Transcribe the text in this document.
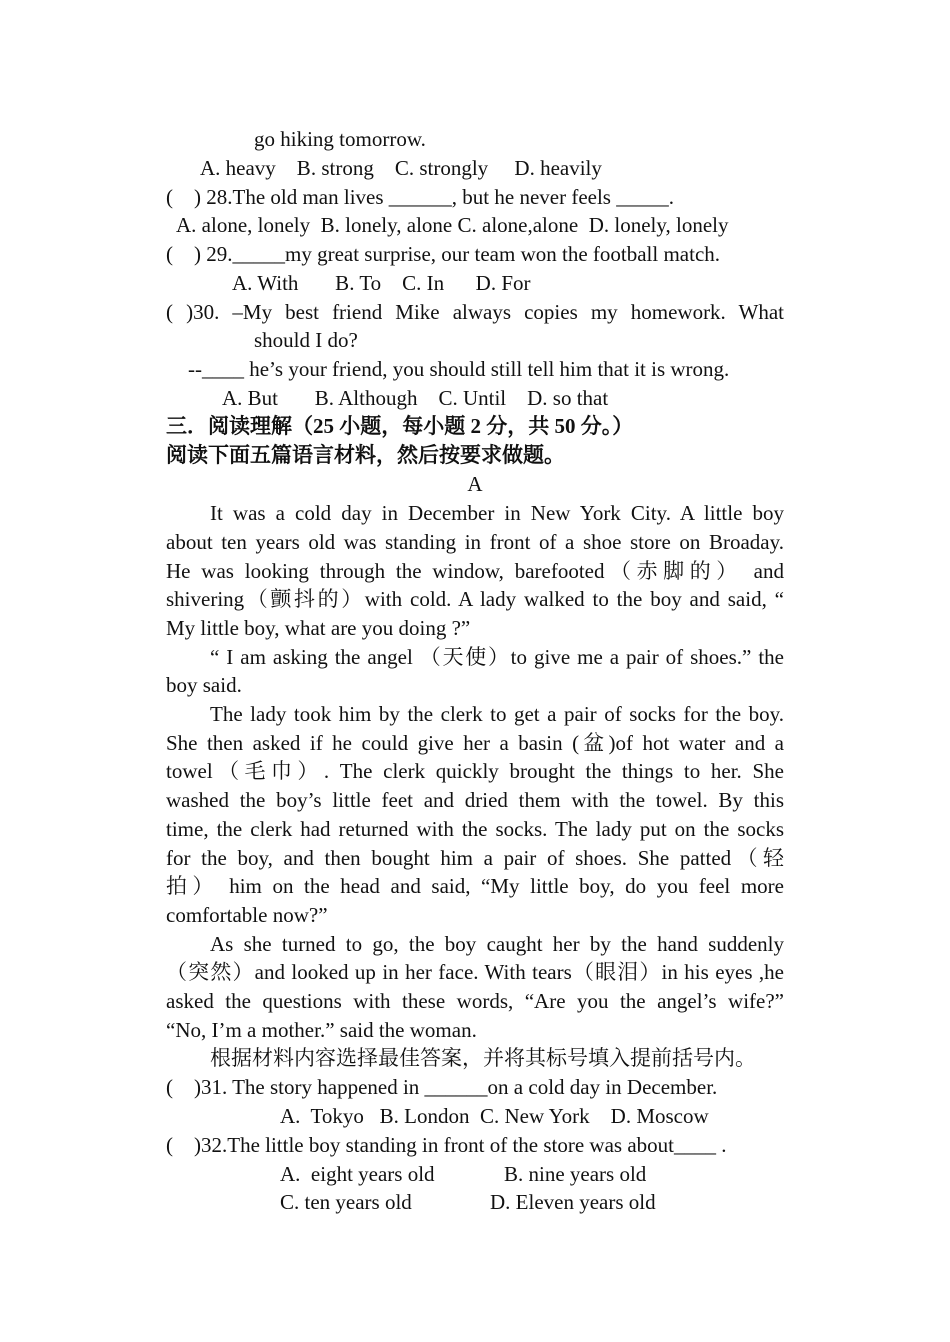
go hiking tomorrow.
A. heavy    B. strong    C. strongly     D. heavily
(    ) 28.The old man lives ______, but he never feels _____.
A. alone, lonely  B. lonely, alone C. alone,alone  D. lonely, lonely
(    ) 29._____my great surprise, our team won the football match.
A. With       B. To    C. In      D. For
( )30. –My best friend Mike always copies my homework. What
should I do?
--____ he’s your friend, you should still tell him that it is wrong.
A. But       B. Although    C. Until    D. so that
三．阅读理解（25 小题，每小题 2 分，共 50 分。）
阅读下面五篇语言材料，然后按要求做题。
A
It was a cold day in December in New York City. A little boy
about ten years old was standing in front of a shoe store on Broaday.
He was looking through the window, barefooted（赤脚的） and
shivering（颤抖的）with cold. A lady walked to the boy and said, “
My little boy, what are you doing ?”
“ I am asking the angel （天使）to give me a pair of shoes.” the
boy said.
The lady took him by the clerk to get a pair of socks for the boy.
She then asked if he could give her a basin (盆)of hot water and a
towel（毛巾）. The clerk quickly brought the things to her. She
washed the boy’s little feet and dried them with the towel. By this
time, the clerk had returned with the socks. The lady put on the socks
for the boy, and then bought him a pair of shoes. She patted（轻
拍） him on the head and said, “My little boy, do you feel more
comfortable now?”
As she turned to go, the boy caught her by the hand suddenly
（突然）and looked up in her face. With tears（眼泪）in his eyes ,he
asked the questions with these words, “Are you the angel’s wife?”
“No, I’m a mother.” said the woman.
根据材料内容选择最佳答案，并将其标号填入提前括号内。
(    )31. The story happened in ______on a cold day in December.
A.  Tokyo   B. London  C. New York    D. Moscow
(    )32.The little boy standing in front of the store was about____ .
A.  eight years old	B. nine years old
C. ten years old	D. Eleven years old
